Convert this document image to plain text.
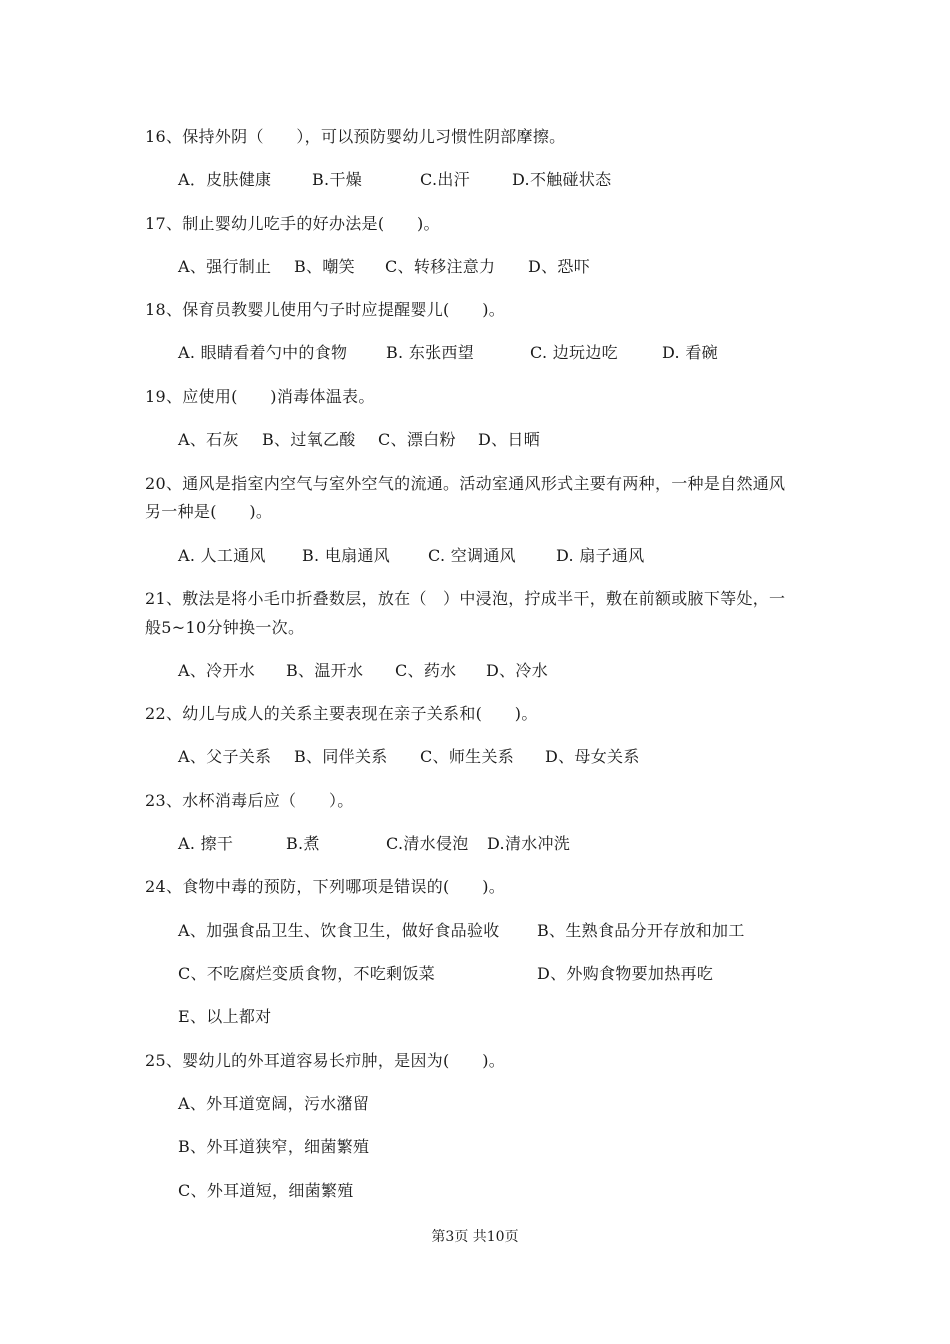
16、保持外阴（　　），可以预防婴幼儿习惯性阴部摩擦。
A．皮肤健康	B.干燥	C.出汗	D.不触碰状态
17、制止婴幼儿吃手的好办法是(　　)。
A、强行制止 B、嘲笑 C、转移注意力 D、恐吓
18、保育员教婴儿使用勺子时应提醒婴儿(　　)。
A. 眼睛看着勺中的食物 B. 东张西望	C. 边玩边吃	D. 看碗
19、应使用(　　)消毒体温表。
A、石灰 B、过氧乙酸 C、漂白粉 D、日晒
20、通风是指室内空气与室外空气的流通。活动室通风形式主要有两种，一种是自然通风
另一种是(　　)。
A. 人工通风 B. 电扇通风 C. 空调通风	D. 扇子通风
21、敷法是将小毛巾折叠数层，放在（　）中浸泡，拧成半干，敷在前额或腋下等处，一
般5~10分钟换一次。
A、冷开水 B、温开水 C、药水 D、冷水
22、幼儿与成人的关系主要表现在亲子关系和(　　)。
A、父子关系 B、同伴关系 C、师生关系 D、母女关系
23、水杯消毒后应（　　）。
A. 擦干	B.煮	C.清水侵泡 D.清水冲洗
24、食物中毒的预防，下列哪项是错误的(　　)。
A、加强食品卫生、饮食卫生，做好食品验收 B、生熟食品分开存放和加工
C、不吃腐烂变质食物，不吃剩饭菜	D、外购食物要加热再吃
E、以上都对
25、婴幼儿的外耳道容易长疖肿，是因为(　　)。
A、外耳道宽阔，污水潴留
B、外耳道狭窄，细菌繁殖
C、外耳道短，细菌繁殖
第3页 共10页
